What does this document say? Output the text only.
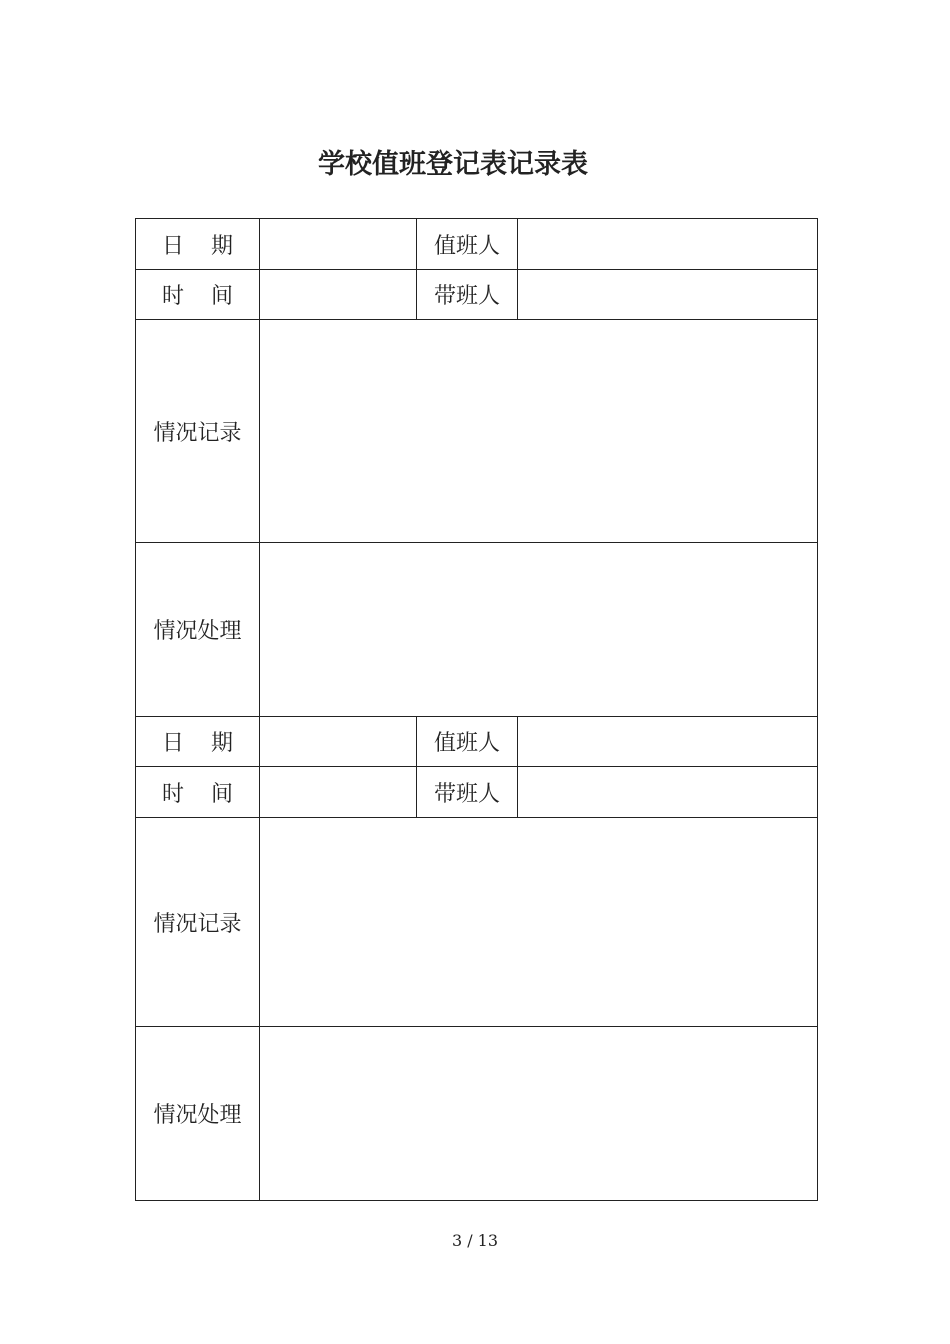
学校值班登记表记录表
日 期		值班人	
时 间		带班人	
情况记录			
情况处理			
日 期		值班人	
时 间		带班人	
情况记录			
情况处理			
3 / 13
